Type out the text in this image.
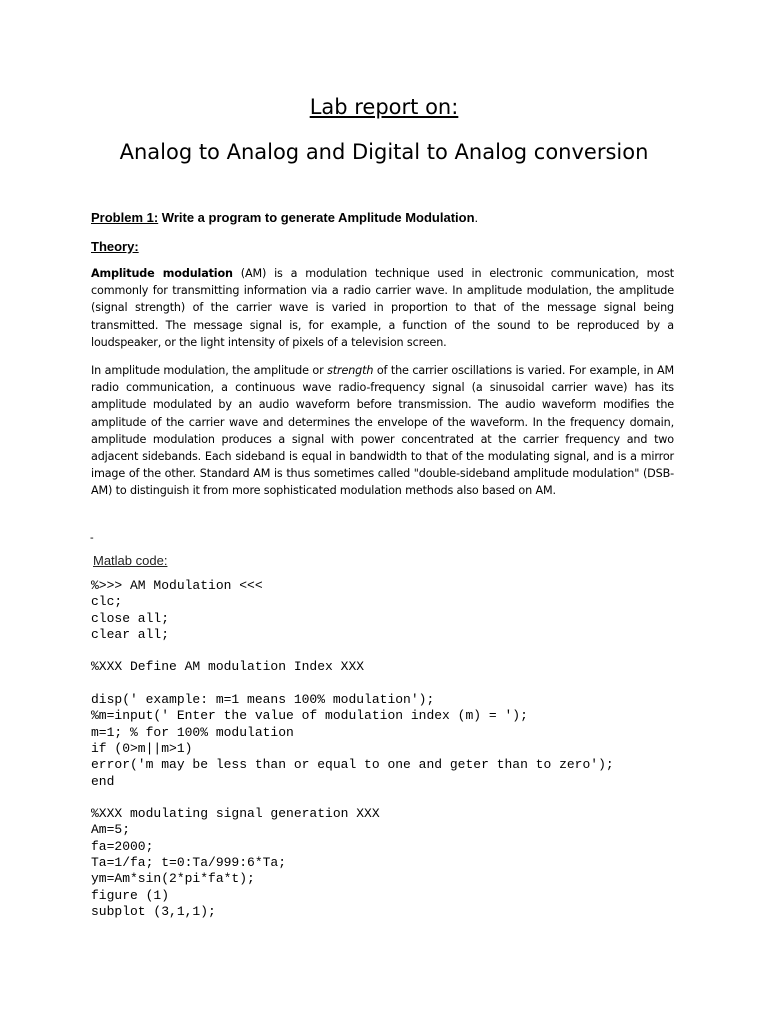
Lab report on:
Analog to Analog and Digital to Analog conversion
Problem 1: Write a program to generate Amplitude Modulation.
Theory:
Amplitude modulation (AM) is a modulation technique used in electronic communication, most commonly for transmitting information via a radio carrier wave. In amplitude modulation, the amplitude (signal strength) of the carrier wave is varied in proportion to that of the message signal being transmitted. The message signal is, for example, a function of the sound to be reproduced by a loudspeaker, or the light intensity of pixels of a television screen.
In amplitude modulation, the amplitude or strength of the carrier oscillations is varied. For example, in AM radio communication, a continuous wave radio-frequency signal (a sinusoidal carrier wave) has its amplitude modulated by an audio waveform before transmission. The audio waveform modifies the amplitude of the carrier wave and determines the envelope of the waveform. In the frequency domain, amplitude modulation produces a signal with power concentrated at the carrier frequency and two adjacent sidebands. Each sideband is equal in bandwidth to that of the modulating signal, and is a mirror image of the other. Standard AM is thus sometimes called "double-sideband amplitude modulation" (DSB-AM) to distinguish it from more sophisticated modulation methods also based on AM.
-
Matlab code:
%>>> AM Modulation <<<
clc;
close all;
clear all;
%XXX Define AM modulation Index XXX
disp(' example: m=1 means 100% modulation');
%m=input(' Enter the value of modulation index (m) = ');
m=1; % for 100% modulation
if (0>m||m>1)
error('m may be less than or equal to one and geter than to zero');
end
%XXX modulating signal generation XXX
Am=5;
fa=2000;
Ta=1/fa; t=0:Ta/999:6*Ta;
ym=Am*sin(2*pi*fa*t);
figure (1)
subplot (3,1,1);
